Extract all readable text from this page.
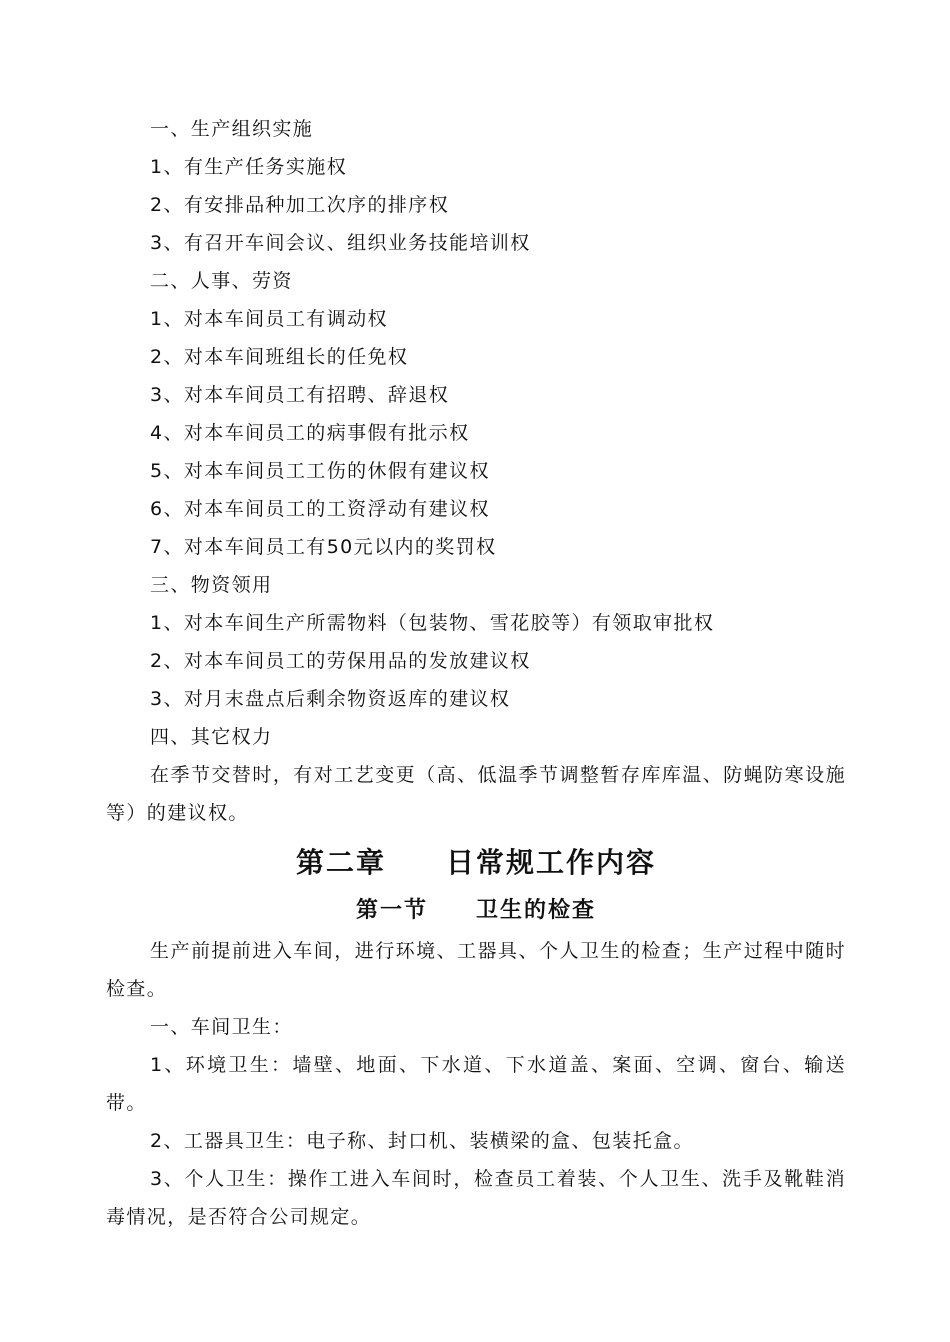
一、生产组织实施
1、有生产任务实施权
2、有安排品种加工次序的排序权
3、有召开车间会议、组织业务技能培训权
二、人事、劳资
1、对本车间员工有调动权
2、对本车间班组长的任免权
3、对本车间员工有招聘、辞退权
4、对本车间员工的病事假有批示权
5、对本车间员工工伤的休假有建议权
6、对本车间员工的工资浮动有建议权
7、对本车间员工有50元以内的奖罚权
三、物资领用
1、对本车间生产所需物料（包装物、雪花胶等）有领取审批权
2、对本车间员工的劳保用品的发放建议权
3、对月末盘点后剩余物资返库的建议权
四、其它权力
在季节交替时，有对工艺变更（高、低温季节调整暂存库库温、防蝇防寒设施等）的建议权。
第二章　　日常规工作内容
第一节　　卫生的检查
生产前提前进入车间，进行环境、工器具、个人卫生的检查；生产过程中随时检查。
一、车间卫生：
1、环境卫生：墙壁、地面、下水道、下水道盖、案面、空调、窗台、输送带。
2、工器具卫生：电子称、封口机、装横梁的盒、包装托盒。
3、个人卫生：操作工进入车间时，检查员工着装、个人卫生、洗手及靴鞋消毒情况，是否符合公司规定。
